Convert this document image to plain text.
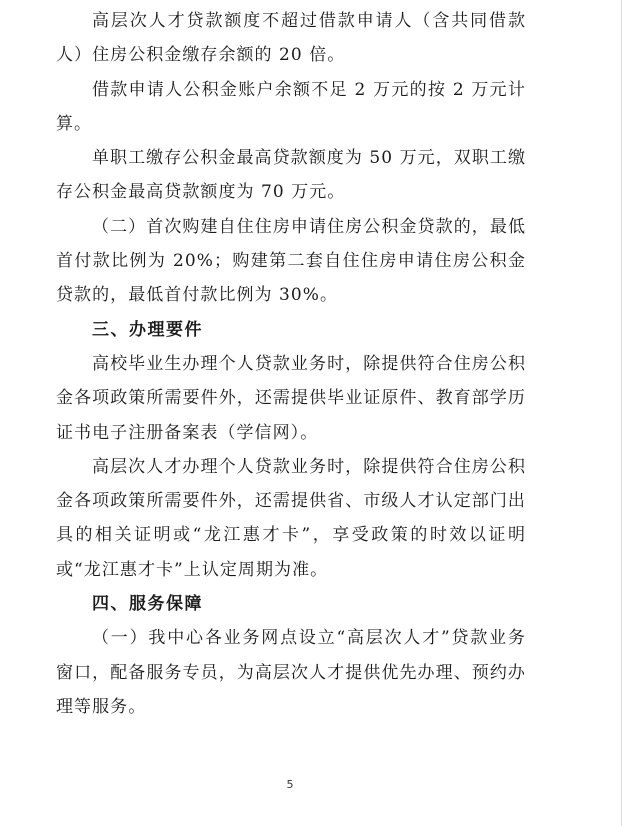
高层次人才贷款额度不超过借款申请人（含共同借款人）住房公积金缴存余额的 20 倍。

借款申请人公积金账户余额不足 2 万元的按 2 万元计算。

单职工缴存公积金最高贷款额度为 50 万元，双职工缴存公积金最高贷款额度为 70 万元。

（二）首次购建自住住房申请住房公积金贷款的，最低首付款比例为 20%；购建第二套自住住房申请住房公积金贷款的，最低首付款比例为 30%。

三、办理要件

高校毕业生办理个人贷款业务时，除提供符合住房公积金各项政策所需要件外，还需提供毕业证原件、教育部学历证书电子注册备案表（学信网）。

高层次人才办理个人贷款业务时，除提供符合住房公积金各项政策所需要件外，还需提供省、市级人才认定部门出具的相关证明或“龙江惠才卡”，享受政策的时效以证明或“龙江惠才卡”上认定周期为准。

四、服务保障

（一）我中心各业务网点设立“高层次人才”贷款业务窗口，配备服务专员，为高层次人才提供优先办理、预约办理等服务。

5
